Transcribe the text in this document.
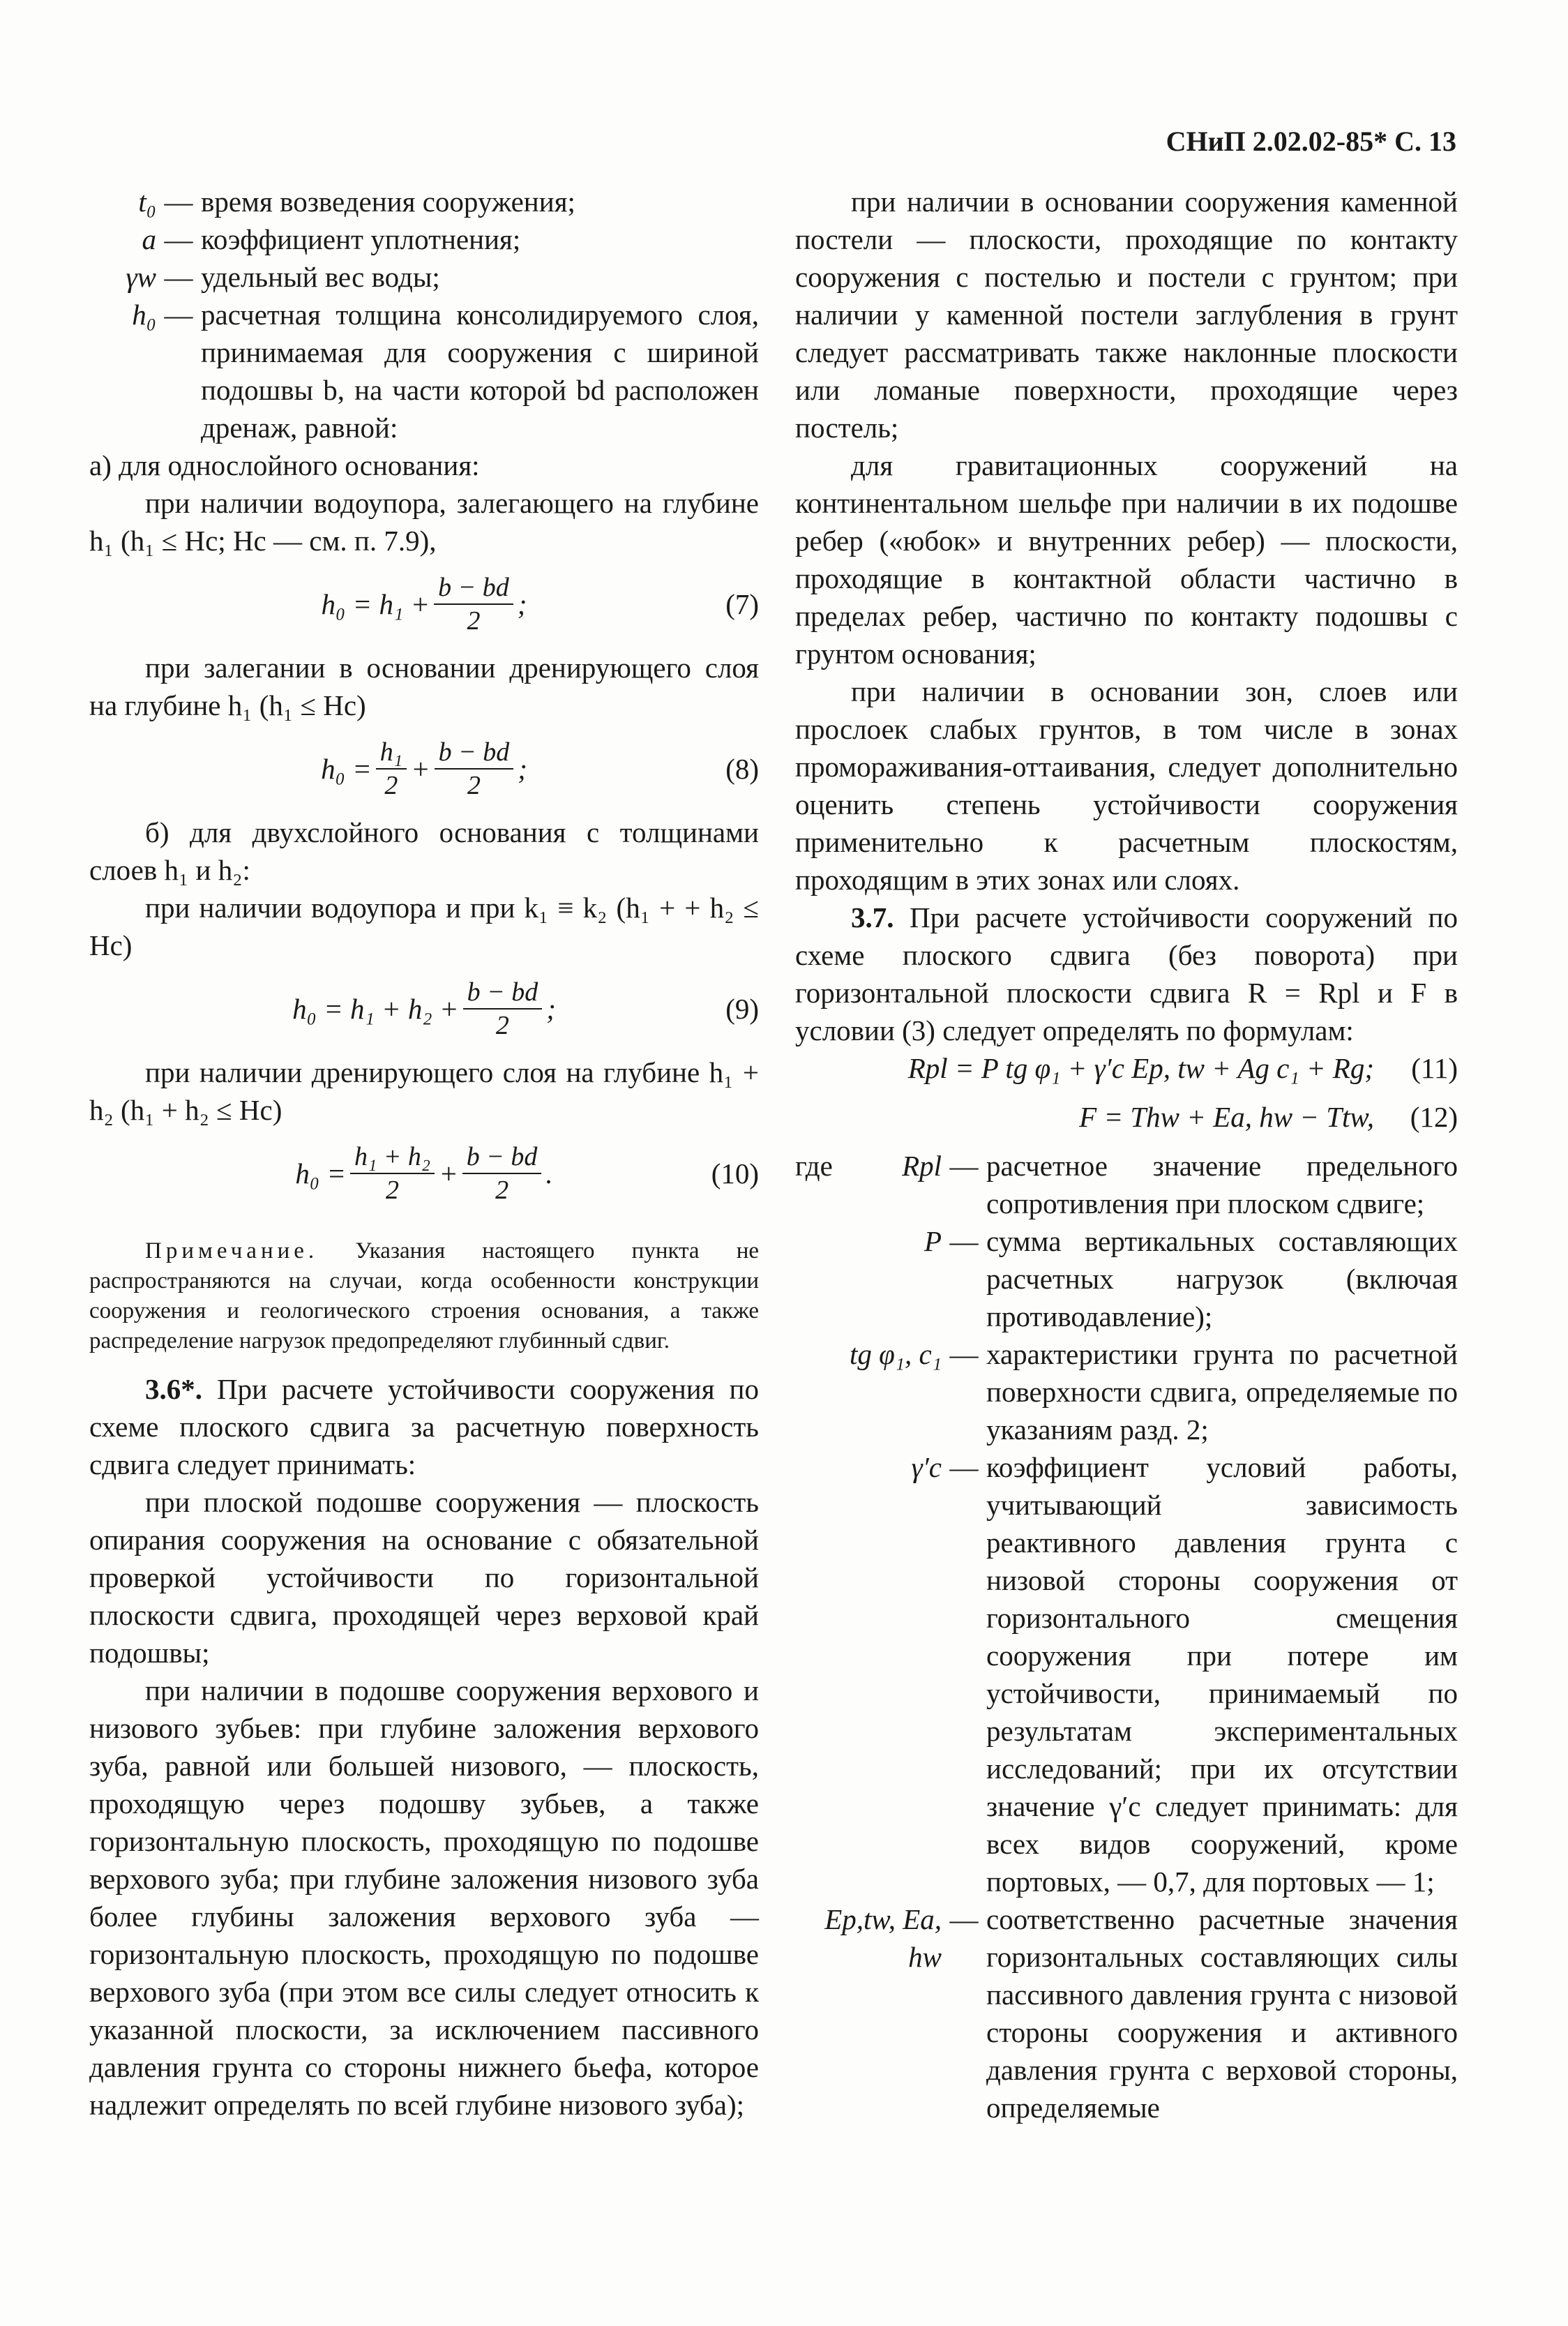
СНиП 2.02.02-85* С. 13
t₀ — время возведения сооружения;
a — коэффициент уплотнения;
γw — удельный вес воды;
h₀ — расчетная толщина консолидируемого слоя, принимаемая для сооружения с шириной подошвы b, на части которой bd расположен дренаж, равной:

а) для однослойного основания:

при наличии водоупора, залегающего на глубине h₁ (h₁ ≤ Hc; Hc — см. п. 7.9),

$h_0 = h_1 + \frac{b - bd}{2}$ ;	(7)

при залегании в основании дренирующего слоя на глубине h₁ (h₁ ≤ Hc)

$h_0 = \frac{\text{h₁}}{2} + \frac{b - bd}{2}$ ;	(8)

б) для двухслойного основания с толщинами слоев h₁ и h₂:

при наличии водоупора и при k₁ ≡ k₂ (h₁ + + h₂ ≤ Hc)

$h_0 = h_1 + h_2 + \frac{b - bd}{2}$ ;	(9)

при наличии дренирующего слоя на глубине h₁ + h₂ (h₁ + h₂ ≤ Hc)

$h_0 = \frac{\text{h₁ + h₂}}{2} + \frac{b - bd}{2}$ .	(10)

Примечание. Указания настоящего пункта не распространяются на случаи, когда особенности конструкции сооружения и геологического строения основания, а также распределение нагрузок предопределяют глубинный сдвиг.

3.6*. При расчете устойчивости сооружения по схеме плоского сдвига за расчетную поверхность сдвига следует принимать:

при плоской подошве сооружения — плоскость опирания сооружения на основание с обязательной проверкой устойчивости по горизонтальной плоскости сдвига, проходящей через верховой край подошвы;

при наличии в подошве сооружения верхового и низового зубьев: при глубине заложения верхового зуба, равной или большей низового, — плоскость, проходящую через подошву зубьев, а также горизонтальную плоскость, проходящую по подошве верхового зуба; при глубине заложения низового зуба более глубины заложения верхового зуба — горизонтальную плоскость, проходящую по подошве верхового зуба (при этом все силы следует относить к указанной плоскости, за исключением пассивного давления грунта со стороны нижнего бьефа, которое надлежит определять по всей глубине низового зуба);

при наличии в основании сооружения каменной постели — плоскости, проходящие по контакту сооружения с постелью и постели с грунтом; при наличии у каменной постели заглубления в грунт следует рассматривать также наклонные плоскости или ломаные поверхности, проходящие через постель;

для гравитационных сооружений на континентальном шельфе при наличии в их подошве ребер («юбок» и внутренних ребер) — плоскости, проходящие в контактной области частично в пределах ребер, частично по контакту подошвы с грунтом основания;

при наличии в основании зон, слоев или прослоек слабых грунтов, в том числе в зонах промораживания-оттаивания, следует дополнительно оценить степень устойчивости сооружения применительно к расчетным плоскостям, проходящим в этих зонах или слоях.

3.7. При расчете устойчивости сооружений по схеме плоского сдвига (без поворота) при горизонтальной плоскости сдвига R = Rpl и F в условии (3) следует определять по формулам:

Rpl = P tg φ₁ + γ′c Ep, tw + Ag c₁ + Rg;	(11)
F = Thw + Ea, hw − Ttw,	(12)
где	Rpl — расчетное значение предельного сопротивления при плоском сдвиге;
P — сумма вертикальных составляющих расчетных нагрузок (включая противодавление);
tg φ₁, c₁ — характеристики грунта по расчетной поверхности сдвига, определяемые по указаниям разд. 2;
γ′c — коэффициент условий работы, учитывающий зависимость реактивного давления грунта с низовой стороны сооружения от горизонтального смещения сооружения при потере им устойчивости, принимаемый по результатам экспериментальных исследований; при их отсутствии значение γ′c следует принимать: для всех видов сооружений, кроме портовых, — 0,7, для портовых — 1;
Ep,tw, Ea, hw
— соответственно расчетные значения горизонтальных составляющих силы пассивного давления грунта с низовой стороны сооружения и активного давления грунта с верховой стороны, определяемые
